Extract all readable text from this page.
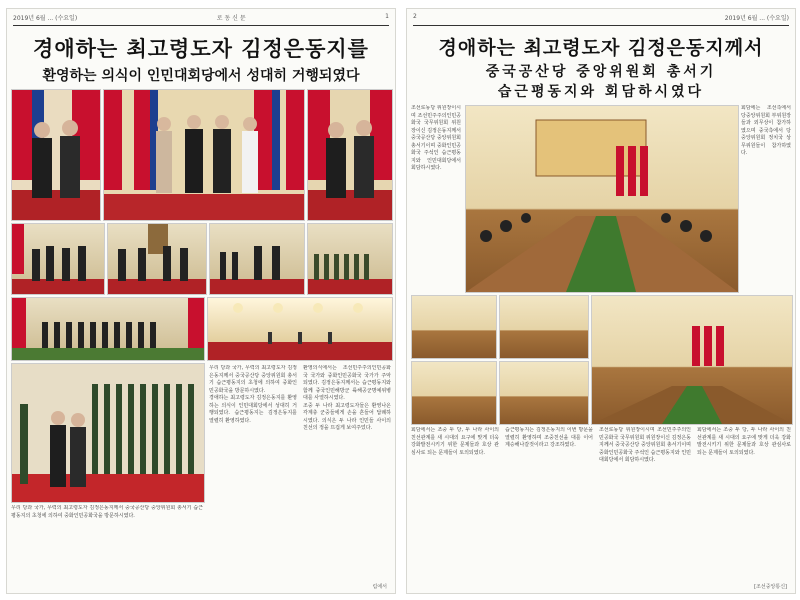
2019년 6월 ... (수요일)	로 동 신 문	1
경애하는 최고령도자 김정은동지를
환영하는 의식이 인민대회당에서 성대히 거행되였다

우리 당과 국가, 무력의 최고령도자 김정은동지께서 중국공산당 중앙위원회 총서기 습근평동지의 초청에 의하여 중화인민공화국을 방문하시였다.

경애하는 최고령도자 김정은동지를 환영하는 의식이 인민대회당에서 성대히 거행되였다. 습근평동지는 김정은동지를 열렬히 환영하였다.

환영의식에서는 조선민주주의인민공화국 국가와 중화인민공화국 국가가 주악되였다. 김정은동지께서는 습근평동지와 함께 중국인민해방군 륙해공군명예위병대를 사열하시였다.

조중 두 나라 최고령도자들은 환영나온 각계층 군중들에게 손을 흔들어 답례하시였다. 의식은 두 나라 인민들 사이의 친선의 정을 뜨겁게 보여주었다.

우리 당과 국가, 무력의 최고령도자 김정은동지께서 중국공산당 중앙위원회 총서기 습근평동지의 초청에 의하여 중화인민공화국을 방문하시였다.

림에서
2	2019년 6월 ... (수요일)
경애하는 최고령도자 김정은동지께서
중국공산당 중앙위원회 총서기
습근평동지와 회담하시였다

조선로동당 위원장이시며 조선민주주의인민공화국 국무위원회 위원장이신 김정은동지께서 중국공산당 중앙위원회 총서기이며 중화인민공화국 주석인 습근평동지와 인민대회당에서 회담하시였다.

회담에는 조선측에서 당중앙위원회 부위원장들과 외무상이 참가하였으며 중국측에서 당중앙위원회 정치국 상무위원들이 참가하였다.

회담에서는 조중 두 당, 두 나라 사이의 친선관계를 새 시대의 요구에 맞게 더욱 강화발전시키기 위한 문제들과 호상 관심사로 되는 문제들이 토의되였다.

습근평동지는 김정은동지의 이번 방문을 열렬히 환영하며 조중친선을 대를 이어 계승해나갈것이라고 강조하였다.

조선로동당 위원장이시며 조선민주주의인민공화국 국무위원회 위원장이신 김정은동지께서 중국공산당 중앙위원회 총서기이며 중화인민공화국 주석인 습근평동지와 인민대회당에서 회담하시였다.

회담에서는 조중 두 당, 두 나라 사이의 친선관계를 새 시대의 요구에 맞게 더욱 강화발전시키기 위한 문제들과 호상 관심사로 되는 문제들이 토의되였다.

[조선중앙통신]
